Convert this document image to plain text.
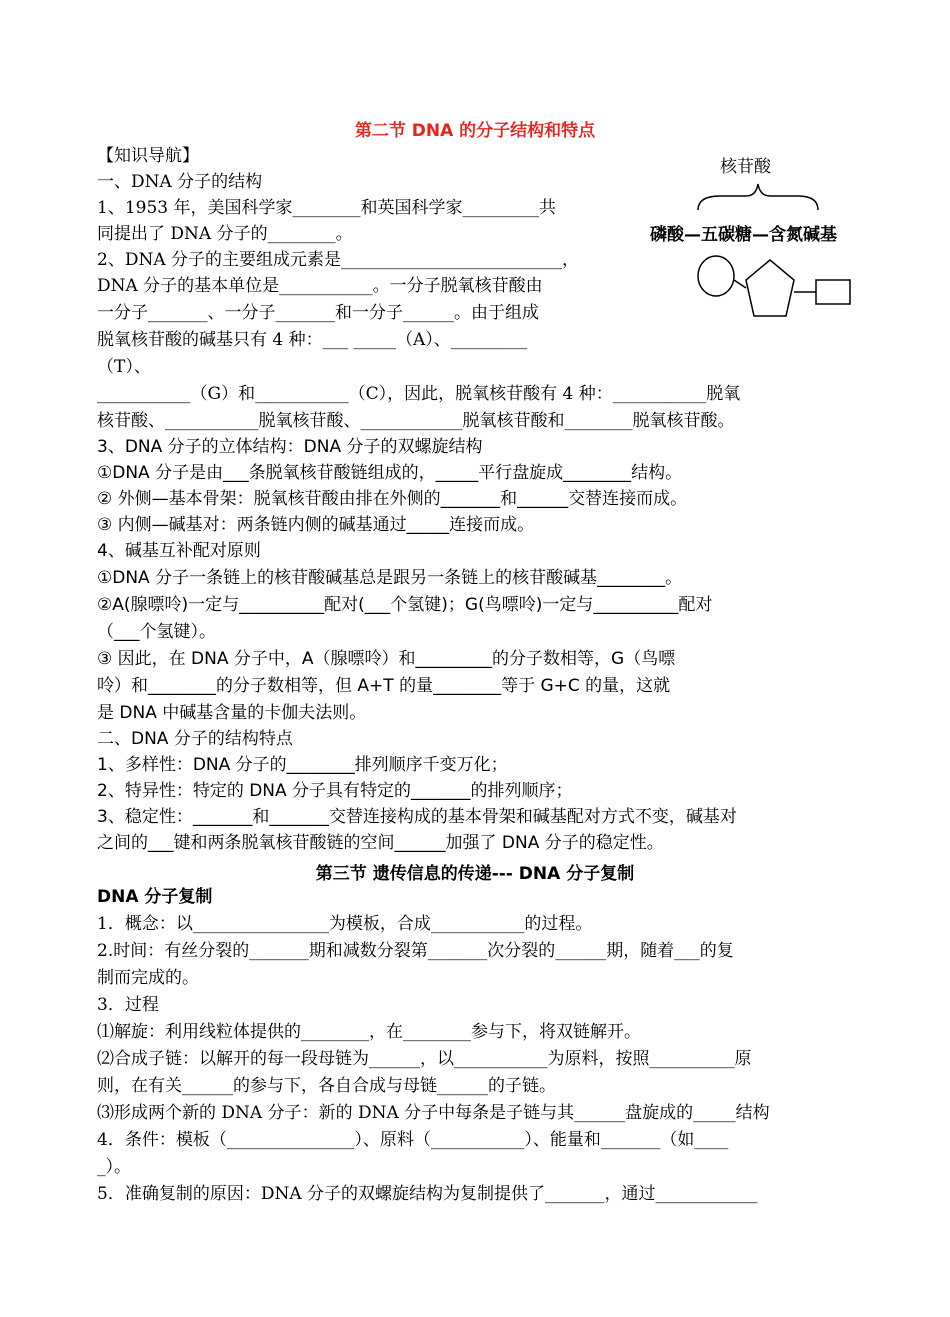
第二节 DNA 的分子结构和特点
核苷酸
磷酸—五碳糖—含氮碱基
【知识导航】
一、DNA 分子的结构
1、1953 年，美国科学家________和英国科学家_________共
同提出了 DNA 分子的________。
2、DNA 分子的主要组成元素是__________________________，
DNA 分子的基本单位是___________。一分子脱氧核苷酸由
一分子_______、一分子_______和一分子______。由于组成
脱氧核苷酸的碱基只有 4 种：___ _____（A）、_________
（T）、
___________（G）和___________（C），因此，脱氧核苷酸有 4 种：___________脱氧
核苷酸、___________脱氧核苷酸、____________脱氧核苷酸和________脱氧核苷酸。
3、DNA 分子的立体结构：DNA 分子的双螺旋结构
①DNA 分子是由___条脱氧核苷酸链组成的，_____平行盘旋成________结构。
② 外侧—基本骨架：脱氧核苷酸由排在外侧的_______和______交替连接而成。
③ 内侧—碱基对：两条链内侧的碱基通过_____连接而成。
4、碱基互补配对原则
①DNA 分子一条链上的核苷酸碱基总是跟另一条链上的核苷酸碱基________。
②A(腺嘌呤)一定与__________配对(___个氢键)；G(鸟嘌呤)一定与__________配对
（___个氢键）。
③ 因此，在 DNA 分子中，A（腺嘌呤）和_________的分子数相等，G（鸟嘌
呤）和________的分子数相等，但 A+T 的量________等于 G+C 的量，这就
是 DNA 中碱基含量的卡伽夫法则。
二、DNA 分子的结构特点
1、多样性：DNA 分子的________排列顺序千变万化；
2、特异性：特定的 DNA 分子具有特定的_______的排列顺序；
3、稳定性：_______和_______交替连接构成的基本骨架和碱基配对方式不变，碱基对
之间的___键和两条脱氧核苷酸链的空间______加强了 DNA 分子的稳定性。
第三节 遗传信息的传递--- DNA 分子复制
DNA 分子复制
1．概念：以________________为模板，合成___________的过程。
2.时间：有丝分裂的_______期和减数分裂第_______次分裂的______期，随着___的复
制而完成的。
3．过程
⑴解旋：利用线粒体提供的________，在________参与下，将双链解开。
⑵合成子链：以解开的每一段母链为______，以___________为原料，按照__________原
则，在有关______的参与下，各自合成与母链______的子链。
⑶形成两个新的 DNA 分子：新的 DNA 分子中每条是子链与其______盘旋成的_____结构
4．条件：模板（_______________）、原料（___________）、能量和_______（如____
_）。
5．准确复制的原因：DNA 分子的双螺旋结构为复制提供了_______，通过____________
